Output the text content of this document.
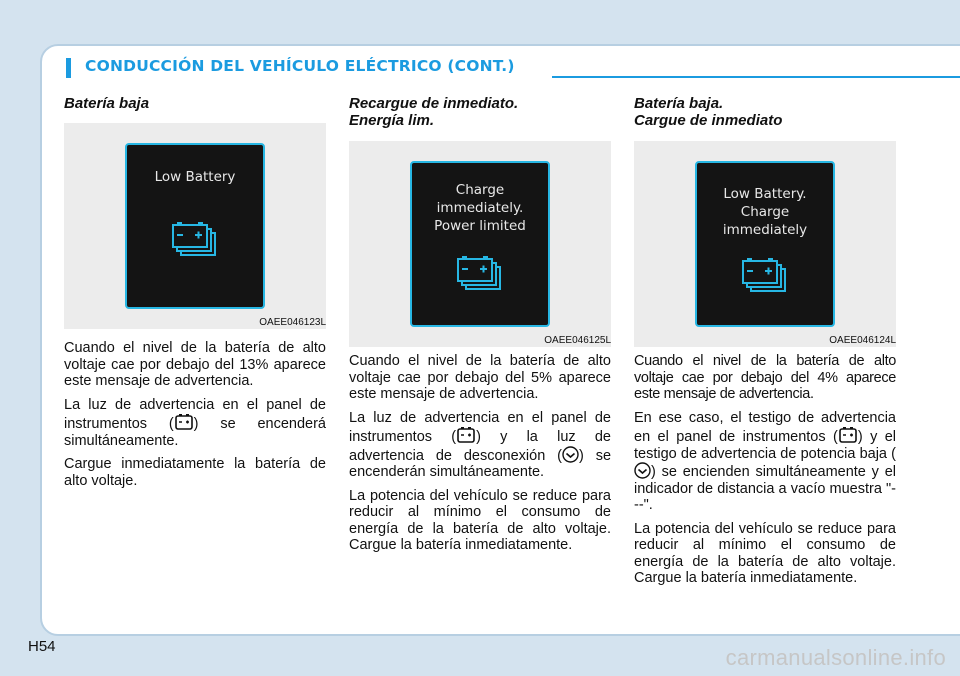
CONDUCCIÓN DEL VEHÍCULO ELÉCTRICO (CONT.)
Batería baja
Low Battery
OAEE046123L

Cuando el nivel de la batería de alto voltaje cae por debajo del 13% aparece este mensaje de advertencia.

La luz de advertencia en el panel de instrumentos ( ) se encenderá simultáneamente.

Cargue inmediatamente la batería de alto voltaje.

Recargue de inmediato.
Energía lim.
Charge
immediately.
Power limited
OAEE046125L

Cuando el nivel de la batería de alto voltaje cae por debajo del 5% aparece este mensaje de advertencia.

La luz de advertencia en el panel de instrumentos ( ) y la luz de advertencia de desconexión ( ) se encenderán simultáneamente.

La potencia del vehículo se reduce para reducir al mínimo el consumo de energía de la batería de alto voltaje. Cargue la batería inmediatamente.

Batería baja.
Cargue de inmediato
Low Battery.
Charge
immediately
OAEE046124L

Cuando el nivel de la batería de alto voltaje cae por debajo del 4% aparece este mensaje de advertencia.

En ese caso, el testigo de advertencia en el panel de instrumentos ( ) y el testigo de advertencia de potencia baja () se encienden simultáneamente y el indicador de distancia a vacío muestra "---".

La potencia del vehículo se reduce para reducir al mínimo el consumo de energía de la batería de alto voltaje. Cargue la batería inmediatamente.

H54	carmanualsonline.info
